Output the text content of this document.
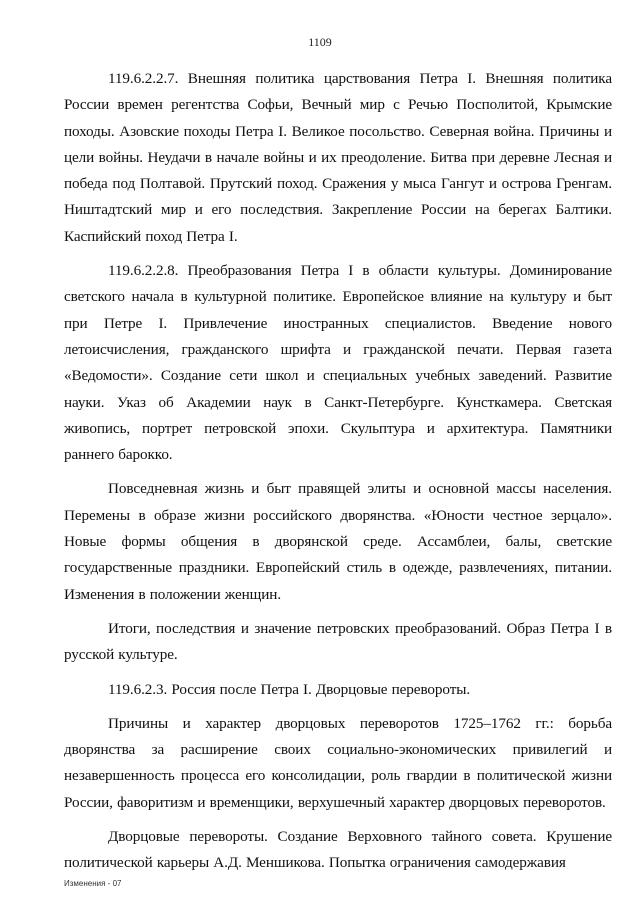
1109

119.6.2.2.7. Внешняя политика царствования Петра I. Внешняя политика России времен регентства Софьи, Вечный мир с Речью Посполитой, Крымские походы. Азовские походы Петра I. Великое посольство. Северная война. Причины и цели войны. Неудачи в начале войны и их преодоление. Битва при деревне Лесная и победа под Полтавой. Прутский поход. Сражения у мыса Гангут и острова Гренгам. Ништадтский мир и его последствия. Закрепление России на берегах Балтики. Каспийский поход Петра I.

119.6.2.2.8. Преобразования Петра I в области культуры. Доминирование светского начала в культурной политике. Европейское влияние на культуру и быт при Петре I. Привлечение иностранных специалистов. Введение нового летоисчисления, гражданского шрифта и гражданской печати. Первая газета «Ведомости». Создание сети школ и специальных учебных заведений. Развитие науки. Указ об Академии наук в Санкт-Петербурге. Кунсткамера. Светская живопись, портрет петровской эпохи. Скульптура и архитектура. Памятники раннего барокко.

Повседневная жизнь и быт правящей элиты и основной массы населения. Перемены в образе жизни российского дворянства. «Юности честное зерцало». Новые формы общения в дворянской среде. Ассамблеи, балы, светские государственные праздники. Европейский стиль в одежде, развлечениях, питании. Изменения в положении женщин.

Итоги, последствия и значение петровских преобразований. Образ Петра I в русской культуре.

119.6.2.3. Россия после Петра I. Дворцовые перевороты.

Причины и характер дворцовых переворотов 1725–1762 гг.: борьба дворянства за расширение своих социально-экономических привилегий и незавершенность процесса его консолидации, роль гвардии в политической жизни России, фаворитизм и временщики, верхушечный характер дворцовых переворотов.

Дворцовые перевороты. Создание Верховного тайного совета. Крушение политической карьеры А.Д. Меншикова. Попытка ограничения самодержавия

Изменения - 07
